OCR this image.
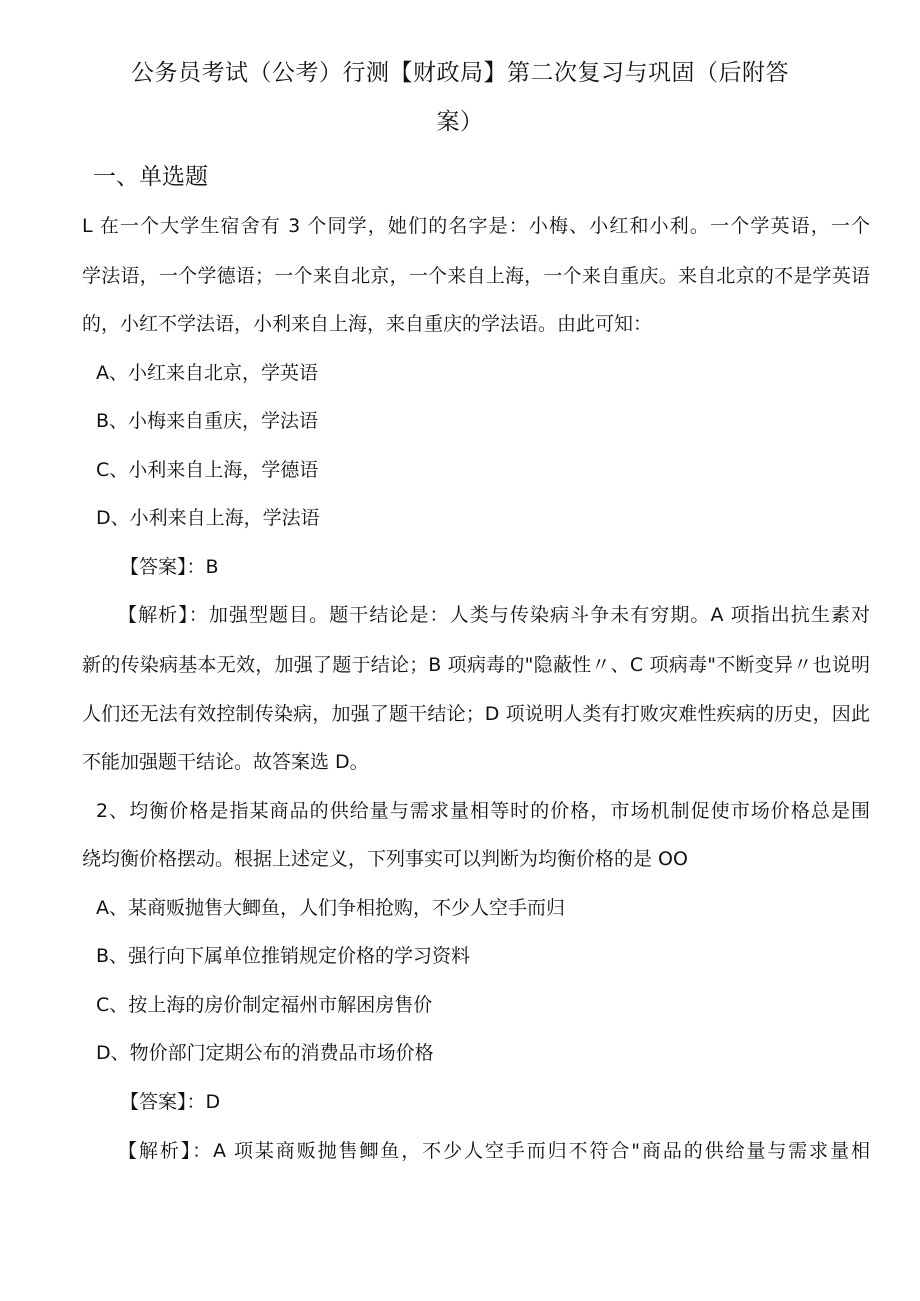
公务员考试（公考）行测【财政局】第二次复习与巩固（后附答
案）
一、单选题
L 在一个大学生宿舍有 3 个同学，她们的名字是：小梅、小红和小利。一个学英语，一个
学法语，一个学德语；一个来自北京，一个来自上海，一个来自重庆。来自北京的不是学英语
的，小红不学法语，小利来自上海，来自重庆的学法语。由此可知：
A、小红来自北京，学英语
B、小梅来自重庆，学法语
C、小利来自上海，学德语
D、小利来自上海，学法语
【答案】：B
【解析】：加强型题目。题干结论是：人类与传染病斗争未有穷期。A 项指出抗生素对
新的传染病基本无效，加强了题于结论；B 项病毒的"隐蔽性〃、C 项病毒"不断变异〃也说明
人们还无法有效控制传染病，加强了题干结论；D 项说明人类有打败灾难性疾病的历史，因此
不能加强题干结论。故答案选 D。
2、均衡价格是指某商品的供给量与需求量相等时的价格，市场机制促使市场价格总是围
绕均衡价格摆动。根据上述定义，下列事实可以判断为均衡价格的是 OO
A、某商贩抛售大鲫鱼，人们争相抢购，不少人空手而归
B、强行向下属单位推销规定价格的学习资料
C、按上海的房价制定福州市解困房售价
D、物价部门定期公布的消费品市场价格
【答案】：D
【解析】：A 项某商贩抛售鲫鱼，不少人空手而归不符合"商品的供给量与需求量相
